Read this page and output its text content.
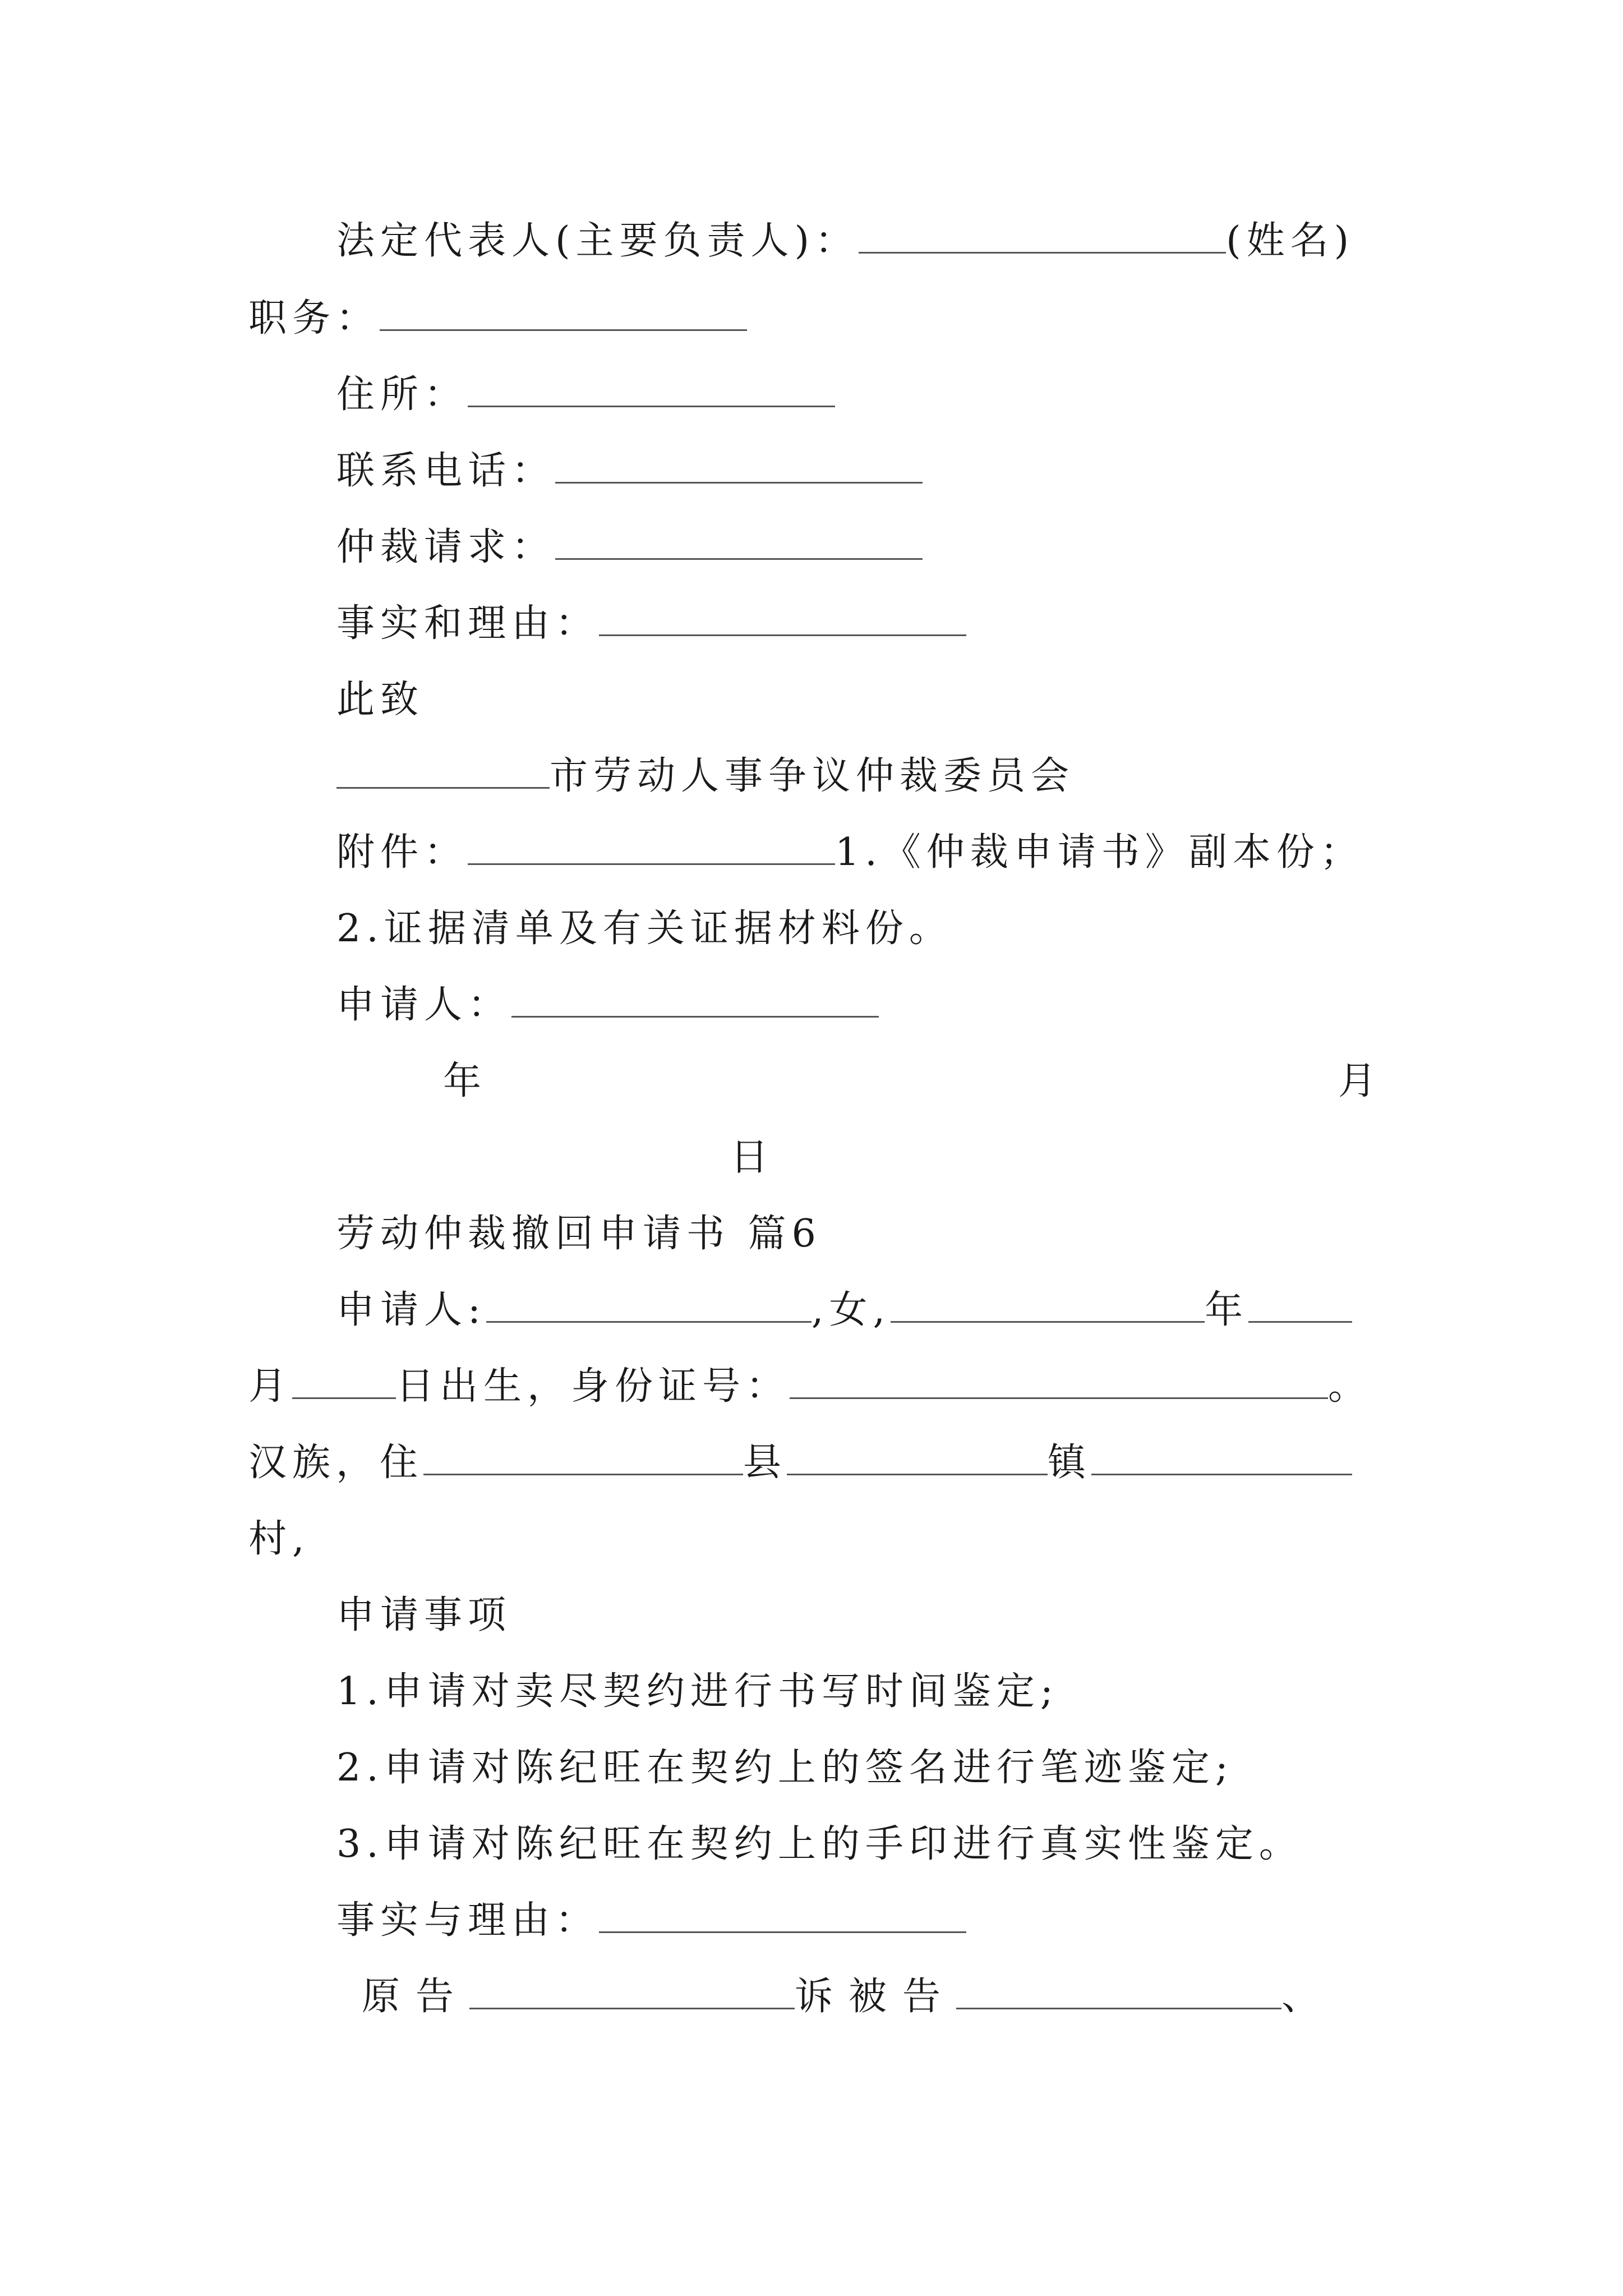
法定代表人(主要负责人)：	(姓名)
职务：
住所：
联系电话：
仲裁请求：
事实和理由：
此致
市劳动人事争议仲裁委员会
附件：	1.《仲裁申请书》副本份；
2.证据清单及有关证据材料份。
申请人：
年	月
日
劳动仲裁撤回申请书 篇6
申请人:	,女,	年
月	日出生，身份证号：	。
汉族，住	县	镇
村,
申请事项
1.申请对卖尽契约进行书写时间鉴定;
2.申请对陈纪旺在契约上的签名进行笔迹鉴定;
3.申请对陈纪旺在契约上的手印进行真实性鉴定。
事实与理由：
原告	诉被告	、
